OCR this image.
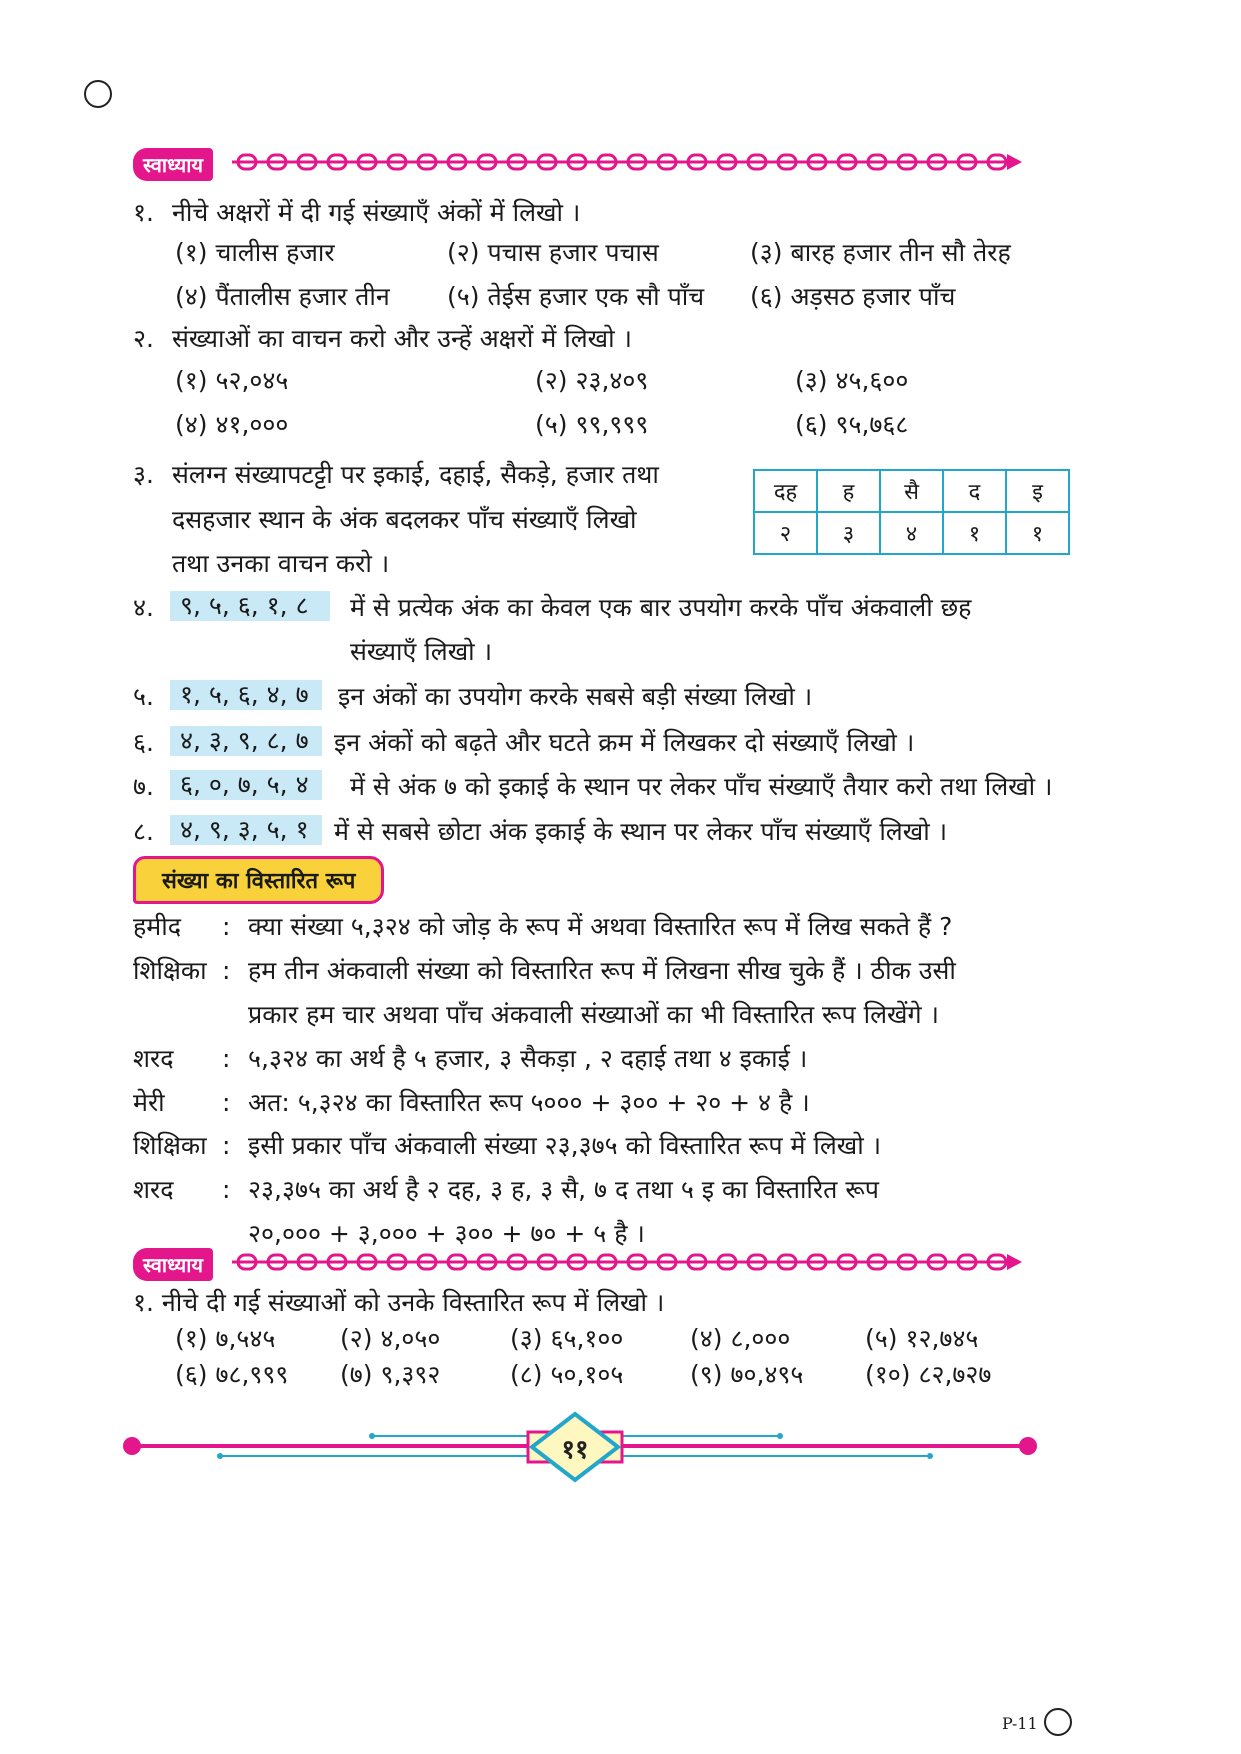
स्वाध्याय
१. नीचे अक्षरों में दी गई संख्याएँ अंकों में लिखो ।
(१) चालीस हजार	(२) पचास हजार पचास	(३) बारह हजार तीन सौ तेरह
(४) पैंतालीस हजार तीन (५) तेईस हजार एक सौ पाँच (६) अड़सठ हजार पाँच
२. संख्याओं का वाचन करो और उन्हें अक्षरों में लिखो ।
(१) ५२,०४५	(२) २३,४०९	(३) ४५,६००
(४) ४१,०००	(५) ९९,९९९	(६) ९५,७६८
३. संलग्न संख्यापटट्टी पर इकाई, दहाई, सैकड़े, हजार तथा
दसहजार स्थान के अंक बदलकर पाँच संख्याएँ लिखो
तथा उनका वाचन करो ।
दह	ह	सै	द	इ
२	३	४	१	१
४.	९, ५, ६, १, ८	में से प्रत्येक अंक का केवल एक बार उपयोग करके पाँच अंकवाली छह
संख्याएँ लिखो ।
५.	१, ५, ६, ४, ७	इन अंकों का उपयोग करके सबसे बड़ी संख्या लिखो ।
६.	४, ३, ९, ८, ७	इन अंकों को बढ़ते और घटते क्रम में लिखकर दो संख्याएँ लिखो ।
७.	६, ०, ७, ५, ४	में से अंक ७ को इकाई के स्थान पर लेकर पाँच संख्याएँ तैयार करो तथा लिखो ।
८.	४, ९, ३, ५, १	में से सबसे छोटा अंक इकाई के स्थान पर लेकर पाँच संख्याएँ लिखो ।
संख्या का विस्तारित रूप
हमीद : क्या संख्या ५,३२४ को जोड़ के रूप में अथवा विस्तारित रूप में लिख सकते हैं ?
शिक्षिका : हम तीन अंकवाली संख्या को विस्तारित रूप में लिखना सीख चुके हैं । ठीक उसी
प्रकार हम चार अथवा पाँच अंकवाली संख्याओं का भी विस्तारित रूप लिखेंगे ।
शरद : ५,३२४ का अर्थ है ५ हजार, ३ सैकड़ा , २ दहाई तथा ४ इकाई ।
मेरी : अत: ५,३२४ का विस्तारित रूप ५००० + ३०० + २० + ४ है ।
शिक्षिका : इसी प्रकार पाँच अंकवाली संख्या २३,३७५ को विस्तारित रूप में लिखो ।
शरद : २३,३७५ का अर्थ है २ दह, ३ ह, ३ सै, ७ द तथा ५ इ का विस्तारित रूप
२०,००० + ३,००० + ३०० + ७० + ५ है ।
स्वाध्याय
१. नीचे दी गई संख्याओं को उनके विस्तारित रूप में लिखो ।
(१) ७,५४५	(२) ४,०५०	(३) ६५,१००	(४) ८,०००	(५) १२,७४५
(६) ७८,९९९ (७) ९,३९२	(८) ५०,१०५	(९) ७०,४९५ (१०) ८२,७२७
११
P-11
